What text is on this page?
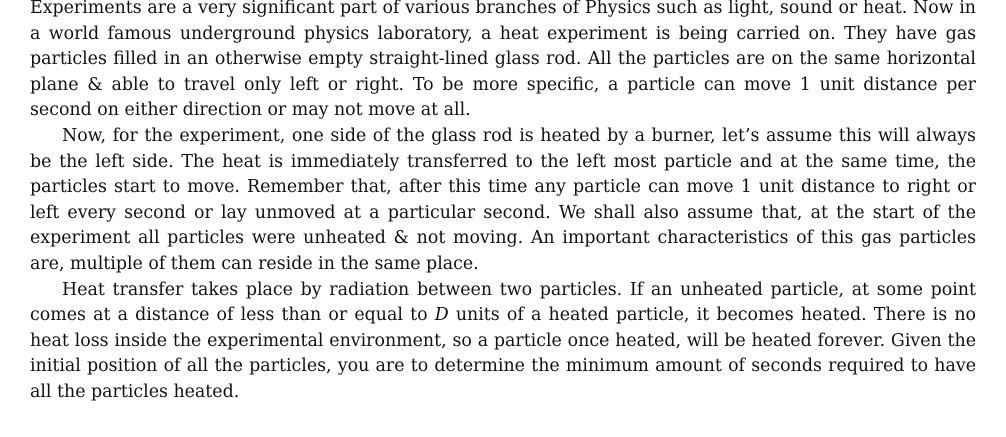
Experiments are a very significant part of various branches of Physics such as light, sound or heat. Now in a world famous underground physics laboratory, a heat experiment is being carried on. They have gas particles filled in an otherwise empty straight-lined glass rod. All the particles are on the same horizontal plane & able to travel only left or right. To be more specific, a particle can move 1 unit distance per second on either direction or may not move at all.

Now, for the experiment, one side of the glass rod is heated by a burner, let’s assume this will always be the left side. The heat is immediately transferred to the left most particle and at the same time, the particles start to move. Remember that, after this time any particle can move 1 unit distance to right or left every second or lay unmoved at a particular second. We shall also assume that, at the start of the experiment all particles were unheated & not moving. An important characteristics of this gas particles are, multiple of them can reside in the same place.

Heat transfer takes place by radiation between two particles. If an unheated particle, at some point comes at a distance of less than or equal to D units of a heated particle, it becomes heated. There is no heat loss inside the experimental environment, so a particle once heated, will be heated forever. Given the initial position of all the particles, you are to determine the minimum amount of seconds required to have all the particles heated.
